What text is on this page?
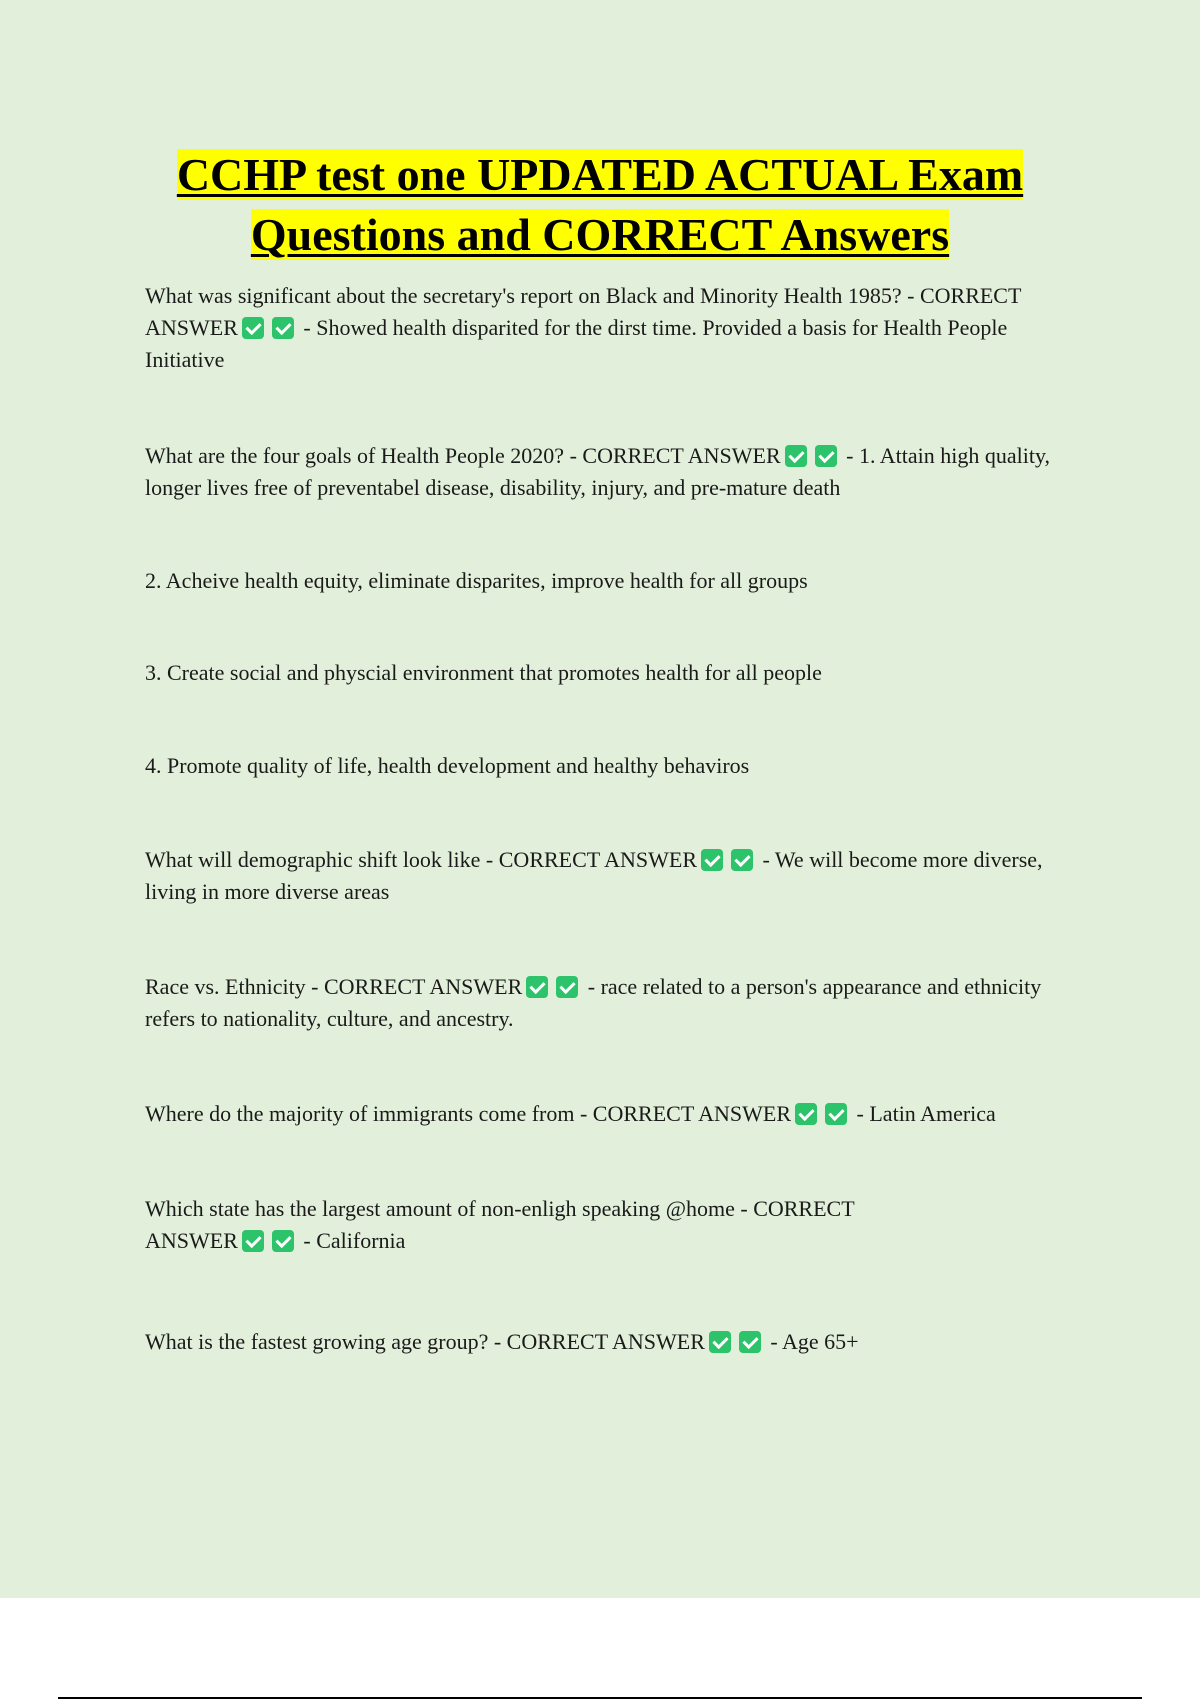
CCHP test one UPDATED ACTUAL Exam
Questions and CORRECT Answers

What was significant about the secretary's report on Black and Minority Health 1985? - CORRECT ANSWER	- Showed health disparited for the dirst time. Provided a basis for Health People Initiative

What are the four goals of Health People 2020? - CORRECT ANSWER	- 1. Attain high quality, longer lives free of preventabel disease, disability, injury, and pre-mature death

2. Acheive health equity, eliminate disparites, improve health for all groups

3. Create social and physcial environment that promotes health for all people

4. Promote quality of life, health development and healthy behaviros

What will demographic shift look like - CORRECT ANSWER	- We will become more diverse, living in more diverse areas

Race vs. Ethnicity - CORRECT ANSWER	- race related to a person's appearance and ethnicity refers to nationality, culture, and ancestry.

Where do the majority of immigrants come from - CORRECT ANSWER	- Latin America

Which state has the largest amount of non-enligh speaking @home - CORRECT ANSWER	- California

What is the fastest growing age group? - CORRECT ANSWER	- Age 65+
